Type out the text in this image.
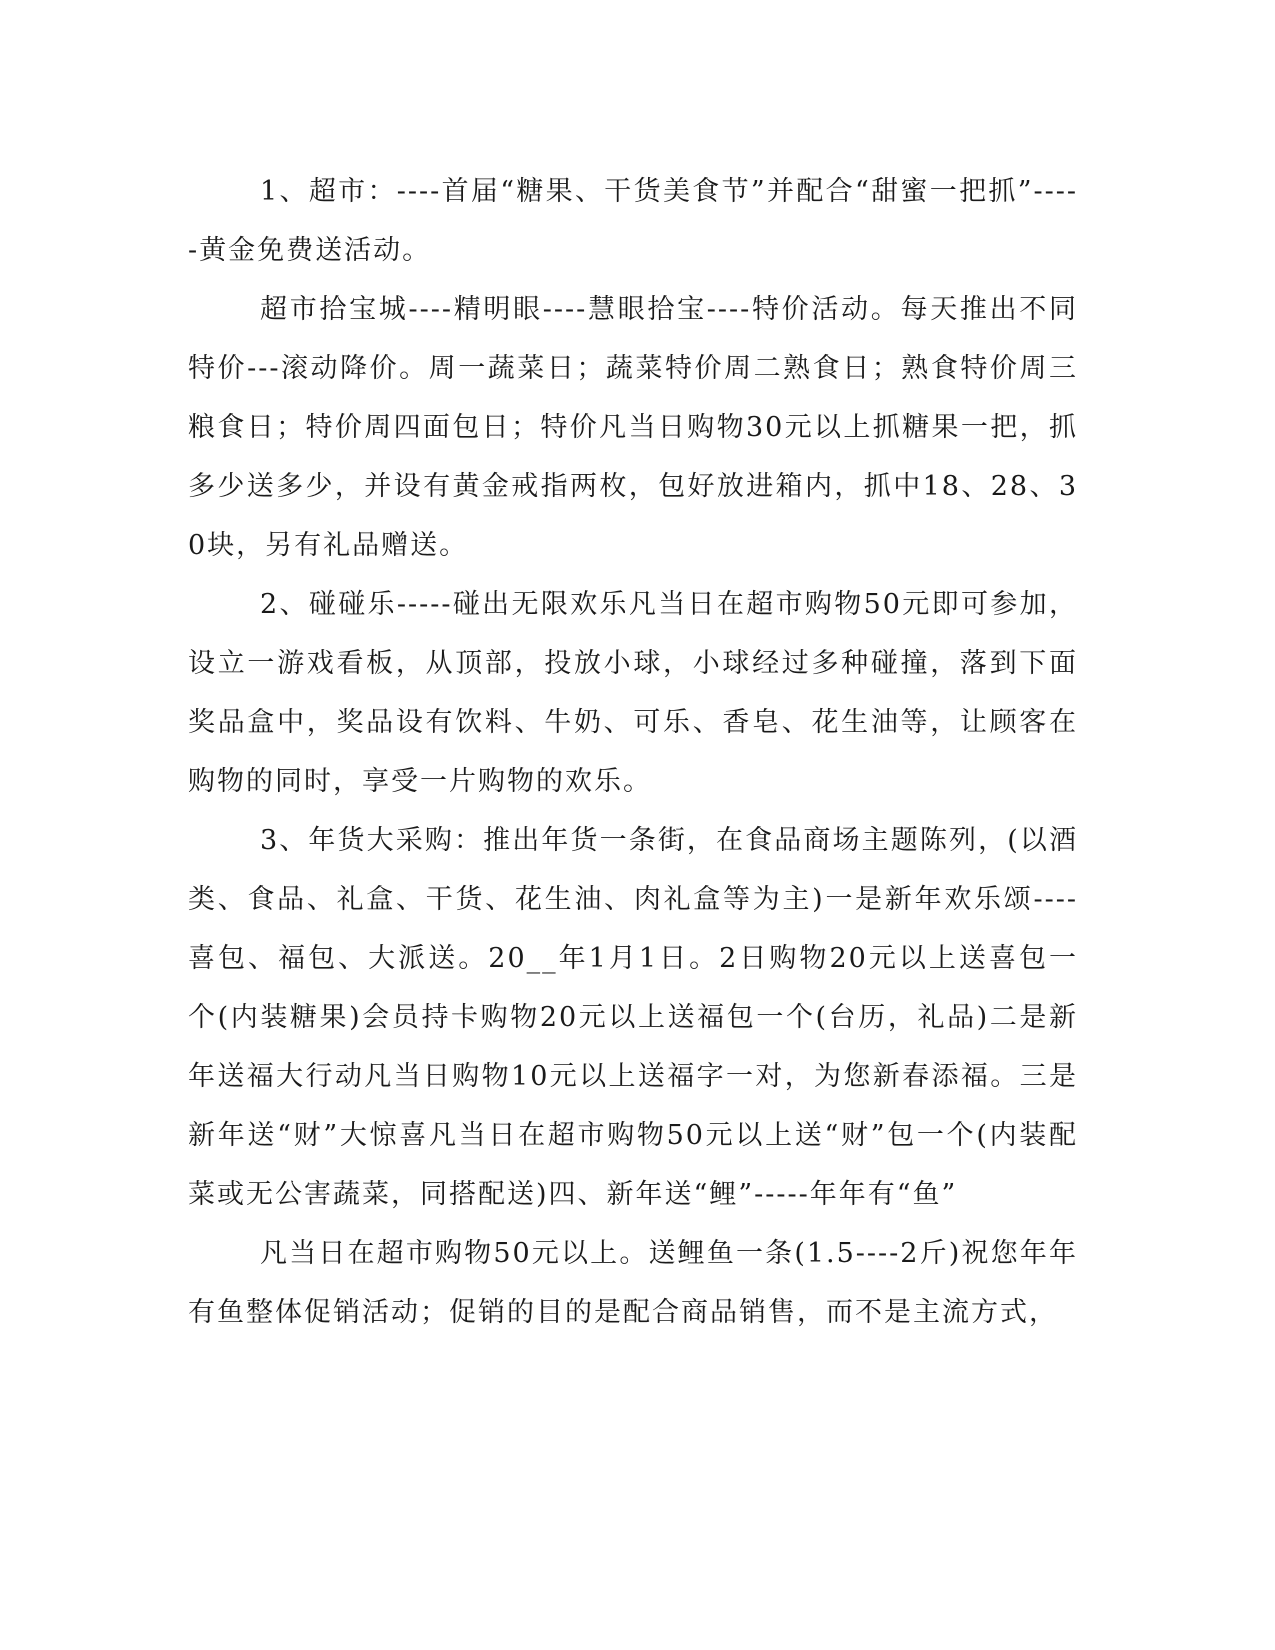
1、超市：----首届“糖果、干货美食节”并配合“甜蜜一把抓”-----黄金免费送活动。

超市拾宝城----精明眼----慧眼拾宝----特价活动。每天推出不同特价---滚动降价。周一蔬菜日；蔬菜特价周二熟食日；熟食特价周三粮食日；特价周四面包日；特价凡当日购物30元以上抓糖果一把，抓多少送多少，并设有黄金戒指两枚，包好放进箱内，抓中18、28、30块，另有礼品赠送。

2、碰碰乐-----碰出无限欢乐凡当日在超市购物50元即可参加，设立一游戏看板，从顶部，投放小球，小球经过多种碰撞，落到下面奖品盒中，奖品设有饮料、牛奶、可乐、香皂、花生油等，让顾客在购物的同时，享受一片购物的欢乐。

3、年货大采购：推出年货一条街，在食品商场主题陈列，(以酒类、食品、礼盒、干货、花生油、肉礼盒等为主)一是新年欢乐颂----喜包、福包、大派送。20__年1月1日。2日购物20元以上送喜包一个(内装糖果)会员持卡购物20元以上送福包一个(台历，礼品)二是新年送福大行动凡当日购物10元以上送福字一对，为您新春添福。三是新年送“财”大惊喜凡当日在超市购物50元以上送“财”包一个(内装配菜或无公害蔬菜，同搭配送)四、新年送“鲤”-----年年有“鱼”

凡当日在超市购物50元以上。送鲤鱼一条(1.5----2斤)祝您年年有鱼整体促销活动；促销的目的是配合商品销售，而不是主流方式，
